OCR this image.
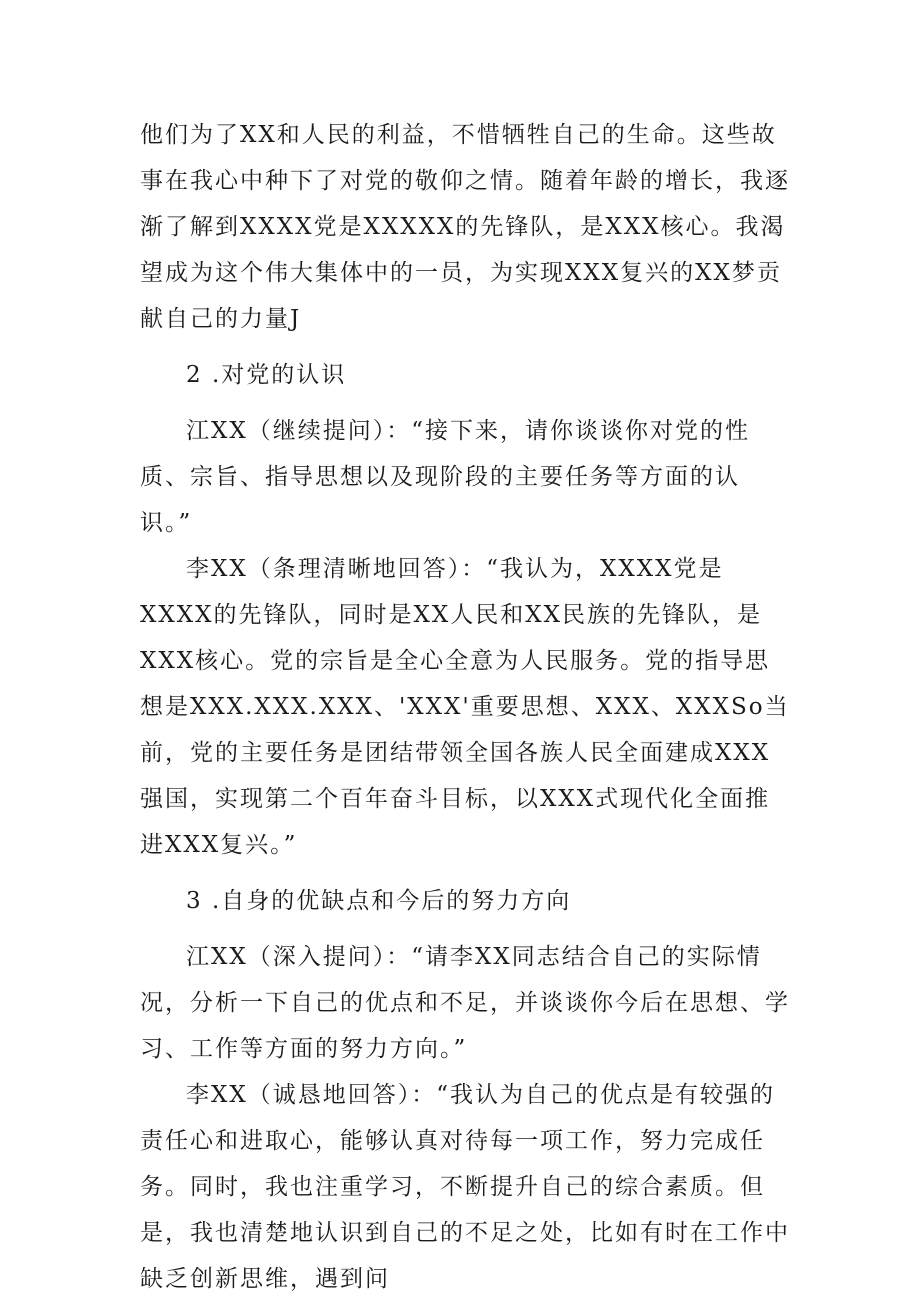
他们为了XX和人民的利益，不惜牺牲自己的生命。这些故事在我心中种下了对党的敬仰之情。随着年龄的增长，我逐渐了解到XXXX党是XXXXX的先锋队，是XXX核心。我渴望成为这个伟大集体中的一员，为实现XXX复兴的XX梦贡献自己的力量J

2 .对党的认识

江XX（继续提问）：“接下来，请你谈谈你对党的性质、宗旨、指导思想以及现阶段的主要任务等方面的认识。”

李XX（条理清晰地回答）：“我认为，XXXX党是XXXX的先锋队，同时是XX人民和XX民族的先锋队，是XXX核心。党的宗旨是全心全意为人民服务。党的指导思想是XXX.XXX.XXX、'XXX'重要思想、XXX、XXXSo当前，党的主要任务是团结带领全国各族人民全面建成XXX强国，实现第二个百年奋斗目标，以XXX式现代化全面推进XXX复兴。”

3 .自身的优缺点和今后的努力方向

江XX（深入提问）：“请李XX同志结合自己的实际情况，分析一下自己的优点和不足，并谈谈你今后在思想、学习、工作等方面的努力方向。”

李XX（诚恳地回答）：“我认为自己的优点是有较强的责任心和进取心，能够认真对待每一项工作，努力完成任务。同时，我也注重学习，不断提升自己的综合素质。但是，我也清楚地认识到自己的不足之处，比如有时在工作中缺乏创新思维，遇到问
